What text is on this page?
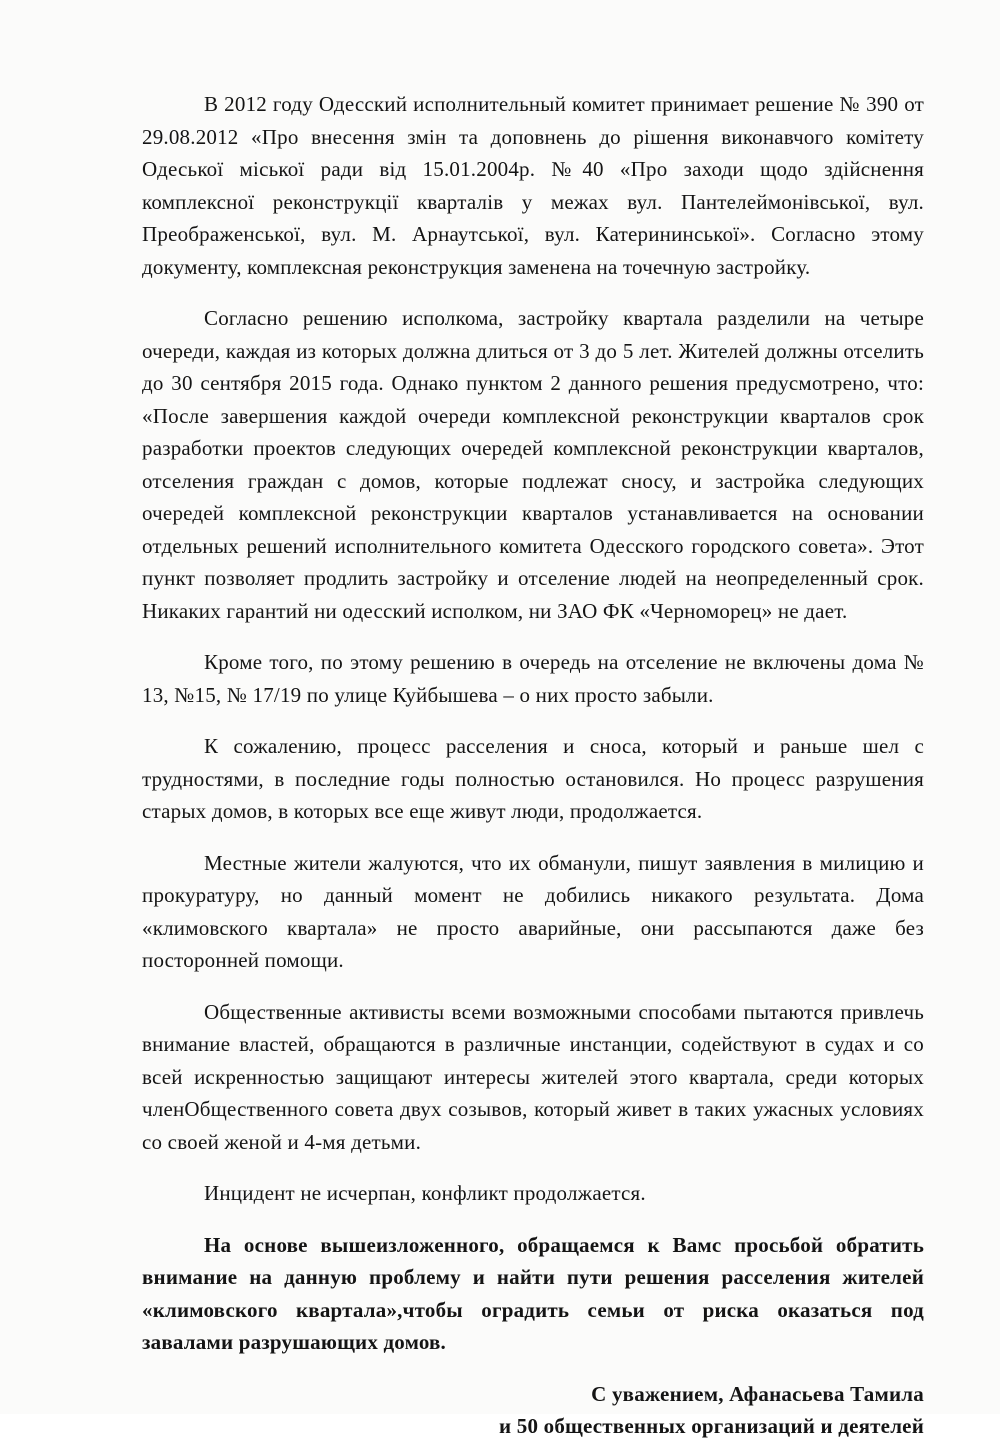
В 2012 году Одесский исполнительный комитет принимает решение № 390 от 29.08.2012 «Про внесення змін та доповнень до рішення виконавчого комітету Одеської міської ради від 15.01.2004р. №40 «Про заходи щодо здійснення комплексної реконструкції кварталів у межах вул. Пантелеймонівської, вул. Преображенської, вул. М. Арнаутської, вул. Катерининської». Согласно этому документу, комплексная реконструкция заменена на точечную застройку.

Согласно решению исполкома, застройку квартала разделили на четыре очереди, каждая из которых должна длиться от 3 до 5 лет. Жителей должны отселить до 30 сентября 2015 года. Однако пунктом 2 данного решения предусмотрено, что: «После завершения каждой очереди комплексной реконструкции кварталов срок разработки проектов следующих очередей комплексной реконструкции кварталов, отселения граждан с домов, которые подлежат сносу, и застройка следующих очередей комплексной реконструкции кварталов устанавливается на основании отдельных решений исполнительного комитета Одесского городского совета». Этот пункт позволяет продлить застройку и отселение людей на неопределенный срок. Никаких гарантий ни одесский исполком, ни ЗАО ФК «Черноморец» не дает.

Кроме того, по этому решению в очередь на отселение не включены дома № 13, №15, № 17/19 по улице Куйбышева – о них просто забыли.

К сожалению, процесс расселения и сноса, который и раньше шел с трудностями, в последние годы полностью остановился. Но процесс разрушения старых домов, в которых все еще живут люди, продолжается.

Местные жители жалуются, что их обманули, пишут заявления в милицию и прокуратуру, но данный момент не добились никакого результата. Дома «климовского квартала» не просто аварийные, они рассыпаются даже без посторонней помощи.

Общественные активисты всеми возможными способами пытаются привлечь внимание властей, обращаются в различные инстанции, содействуют в судах и со всей искренностью защищают интересы жителей этого квартала, среди которых членОбщественного совета двух созывов, который живет в таких ужасных условиях со своей женой и 4-мя детьми.

Инцидент не исчерпан, конфликт продолжается.

На основе вышеизложенного, обращаемся к Вамс просьбой обратить внимание на данную проблему и найти пути решения расселения жителей «климовского квартала»,чтобы оградить семьи от риска оказаться под завалами разрушающих домов.

С уважением, Афанасьева Тамила
и 50 общественных организаций и деятелей
